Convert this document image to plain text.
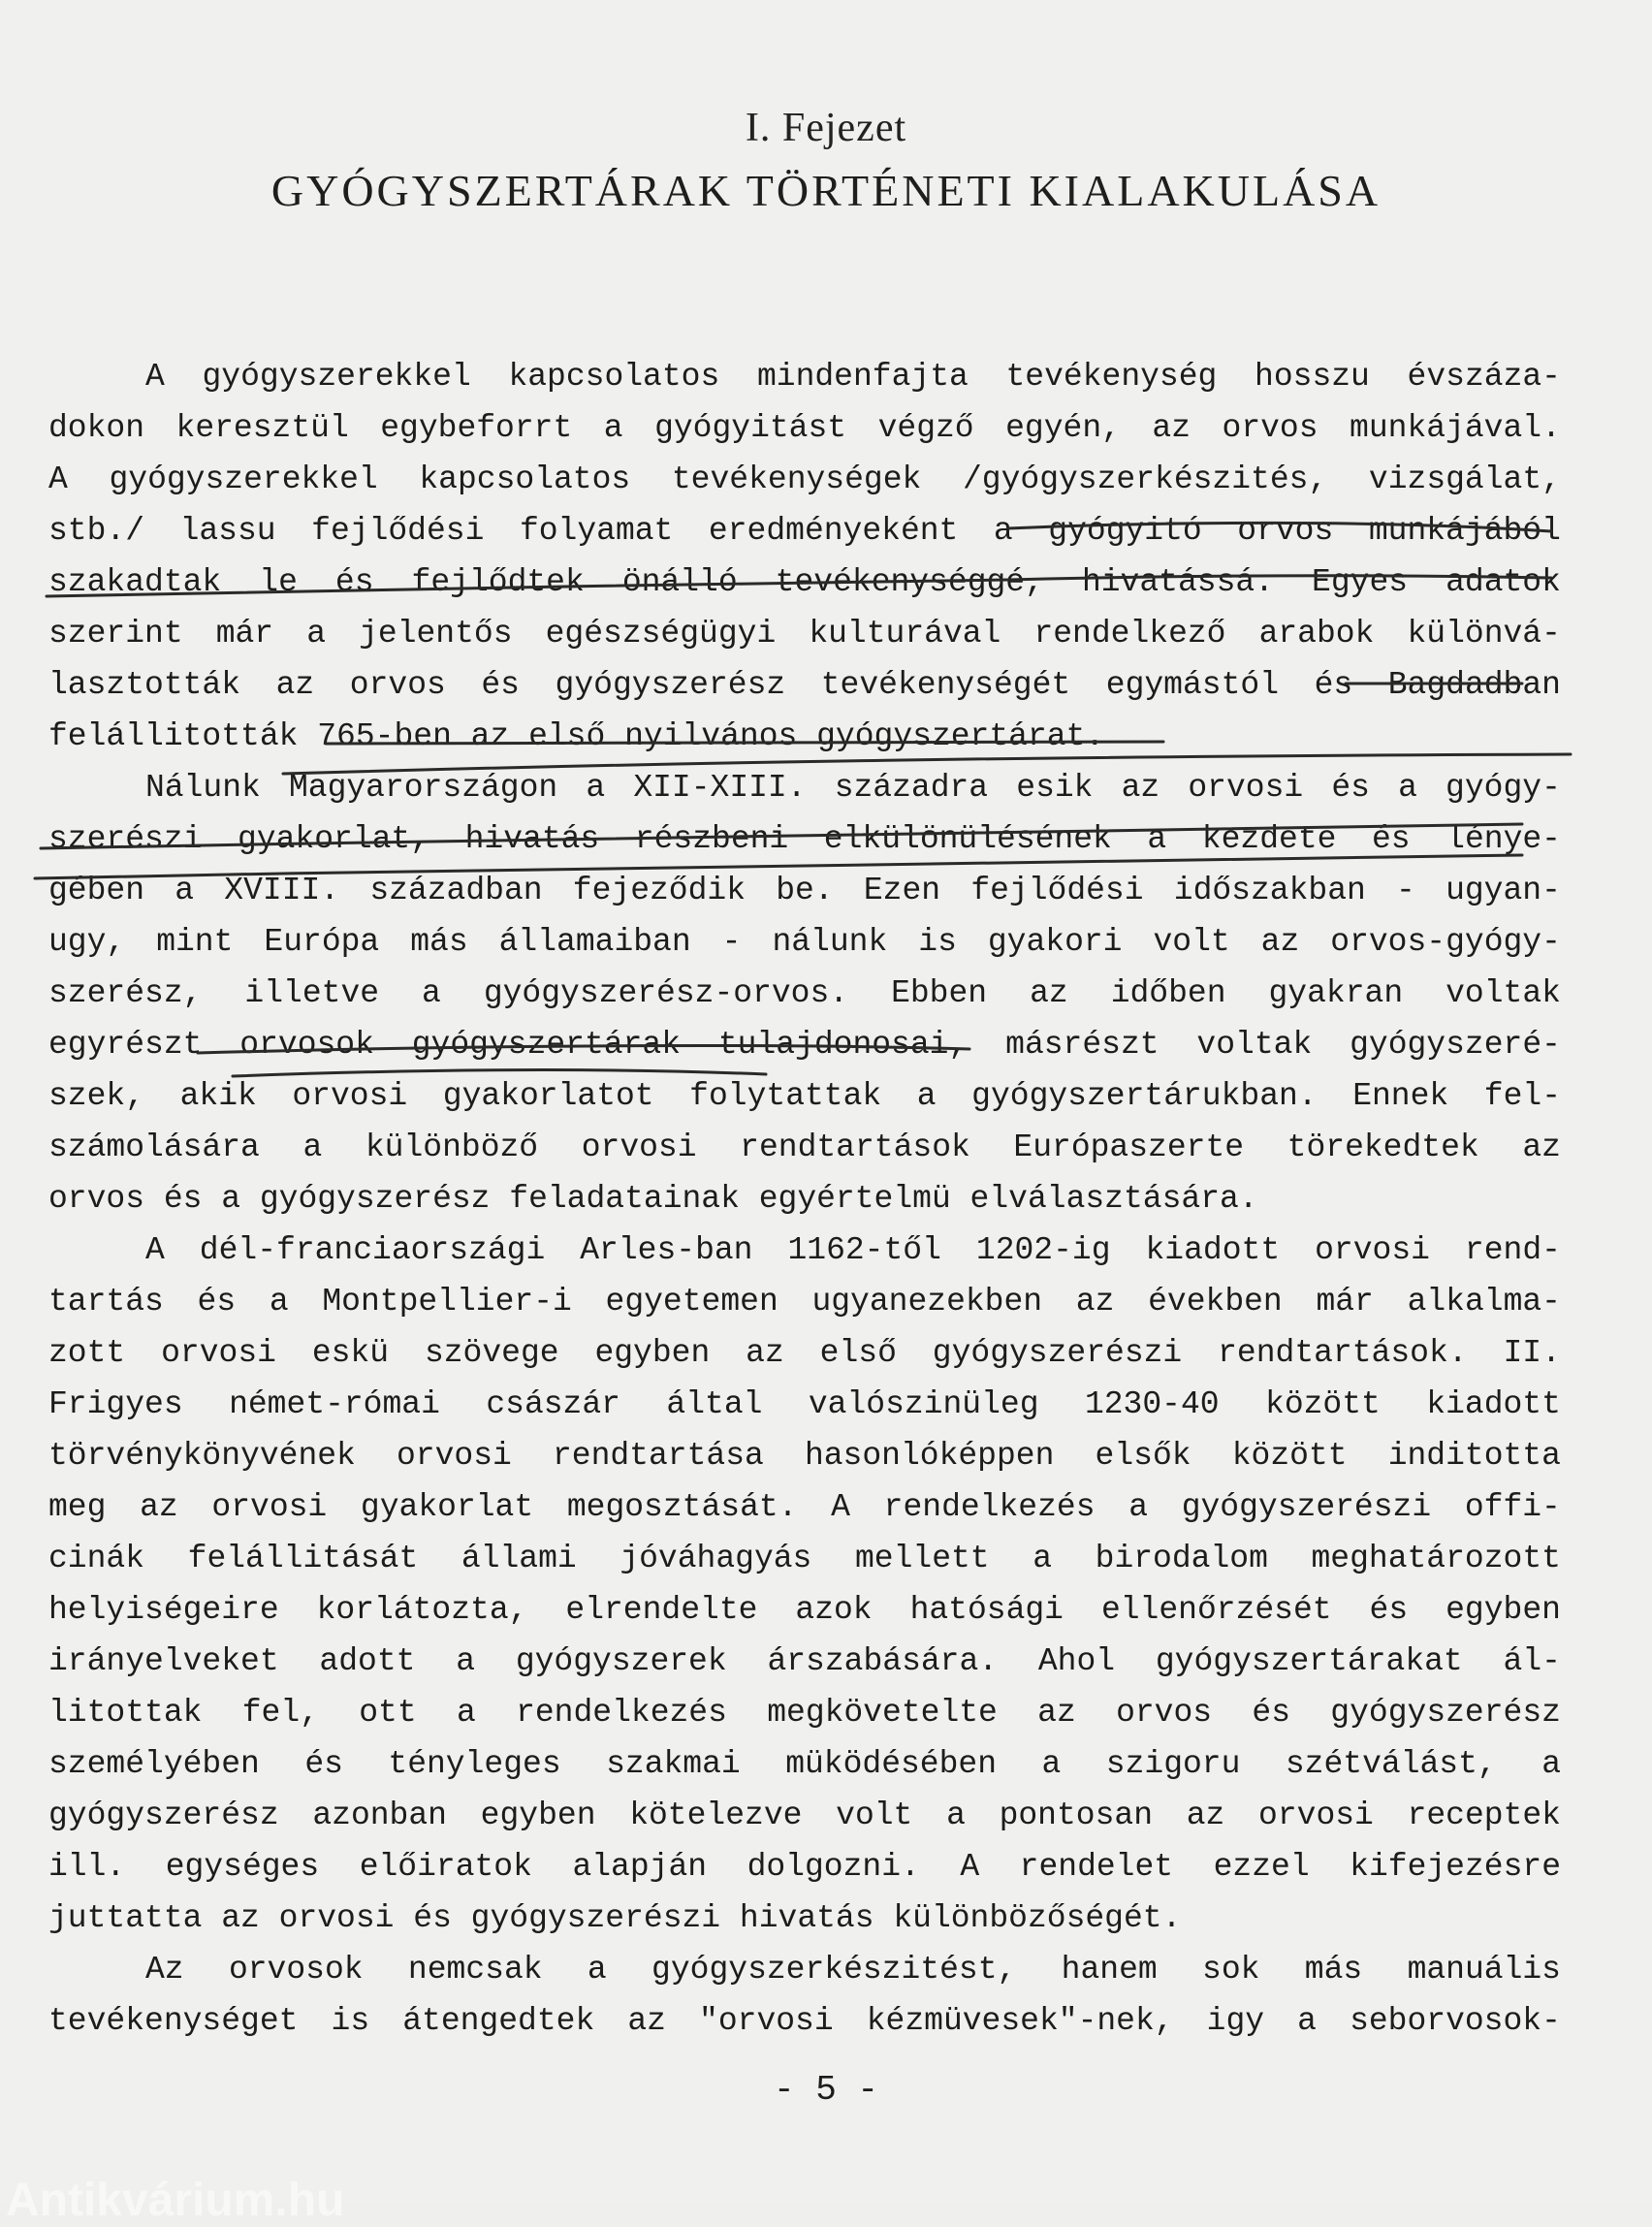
I. Fejezet
GYÓGYSZERTÁRAK TÖRTÉNETI KIALAKULÁSA
A gyógyszerekkel kapcsolatos mindenfajta tevékenység hosszu évszáza-
dokon keresztül egybeforrt a gyógyitást végző egyén, az orvos munkájával.
A gyógyszerekkel kapcsolatos tevékenységek /gyógyszerkészités, vizsgálat,
stb./ lassu fejlődési folyamat eredményeként a gyógyitó orvos munkájából
szakadtak le és fejlődtek önálló tevékenységgé, hivatássá. Egyes adatok
szerint már a jelentős egészségügyi kulturával rendelkező arabok különvá-
lasztották az orvos és gyógyszerész tevékenységét egymástól és Bagdadban
felállitották 765-ben az első nyilvános gyógyszertárat.
Nálunk Magyarországon a XII-XIII. századra esik az orvosi és a gyógy-
szerészi gyakorlat, hivatás részbeni elkülönülésének a kezdete és lénye-
gében a XVIII. században fejeződik be. Ezen fejlődési időszakban - ugyan-
ugy, mint Európa más államaiban - nálunk is gyakori volt az orvos-gyógy-
szerész, illetve a gyógyszerész-orvos. Ebben az időben gyakran voltak
egyrészt orvosok gyógyszertárak tulajdonosai, másrészt voltak gyógyszeré-
szek, akik orvosi gyakorlatot folytattak a gyógyszertárukban. Ennek fel-
számolására a különböző orvosi rendtartások Európaszerte törekedtek az
orvos és a gyógyszerész feladatainak egyértelmü elválasztására.
A dél-franciaországi Arles-ban 1162-től 1202-ig kiadott orvosi rend-
tartás és a Montpellier-i egyetemen ugyanezekben az években már alkalma-
zott orvosi eskü szövege egyben az első gyógyszerészi rendtartások. II.
Frigyes német-római császár által valószinüleg 1230-40 között kiadott
törvénykönyvének orvosi rendtartása hasonlóképpen elsők között inditotta
meg az orvosi gyakorlat megosztását. A rendelkezés a gyógyszerészi offi-
cinák felállitását állami jóváhagyás mellett a birodalom meghatározott
helyiségeire korlátozta, elrendelte azok hatósági ellenőrzését és egyben
irányelveket adott a gyógyszerek árszabására. Ahol gyógyszertárakat ál-
litottak fel, ott a rendelkezés megkövetelte az orvos és gyógyszerész
személyében és tényleges szakmai müködésében a szigoru szétválást, a
gyógyszerész azonban egyben kötelezve volt a pontosan az orvosi receptek
ill. egységes előiratok alapján dolgozni. A rendelet ezzel kifejezésre
juttatta az orvosi és gyógyszerészi hivatás különbözőségét.
Az orvosok nemcsak a gyógyszerkészitést, hanem sok más manuális
tevékenységet is átengedtek az "orvosi kézmüvesek"-nek, igy a seborvosok-
- 5 -
Antikvárium.hu
